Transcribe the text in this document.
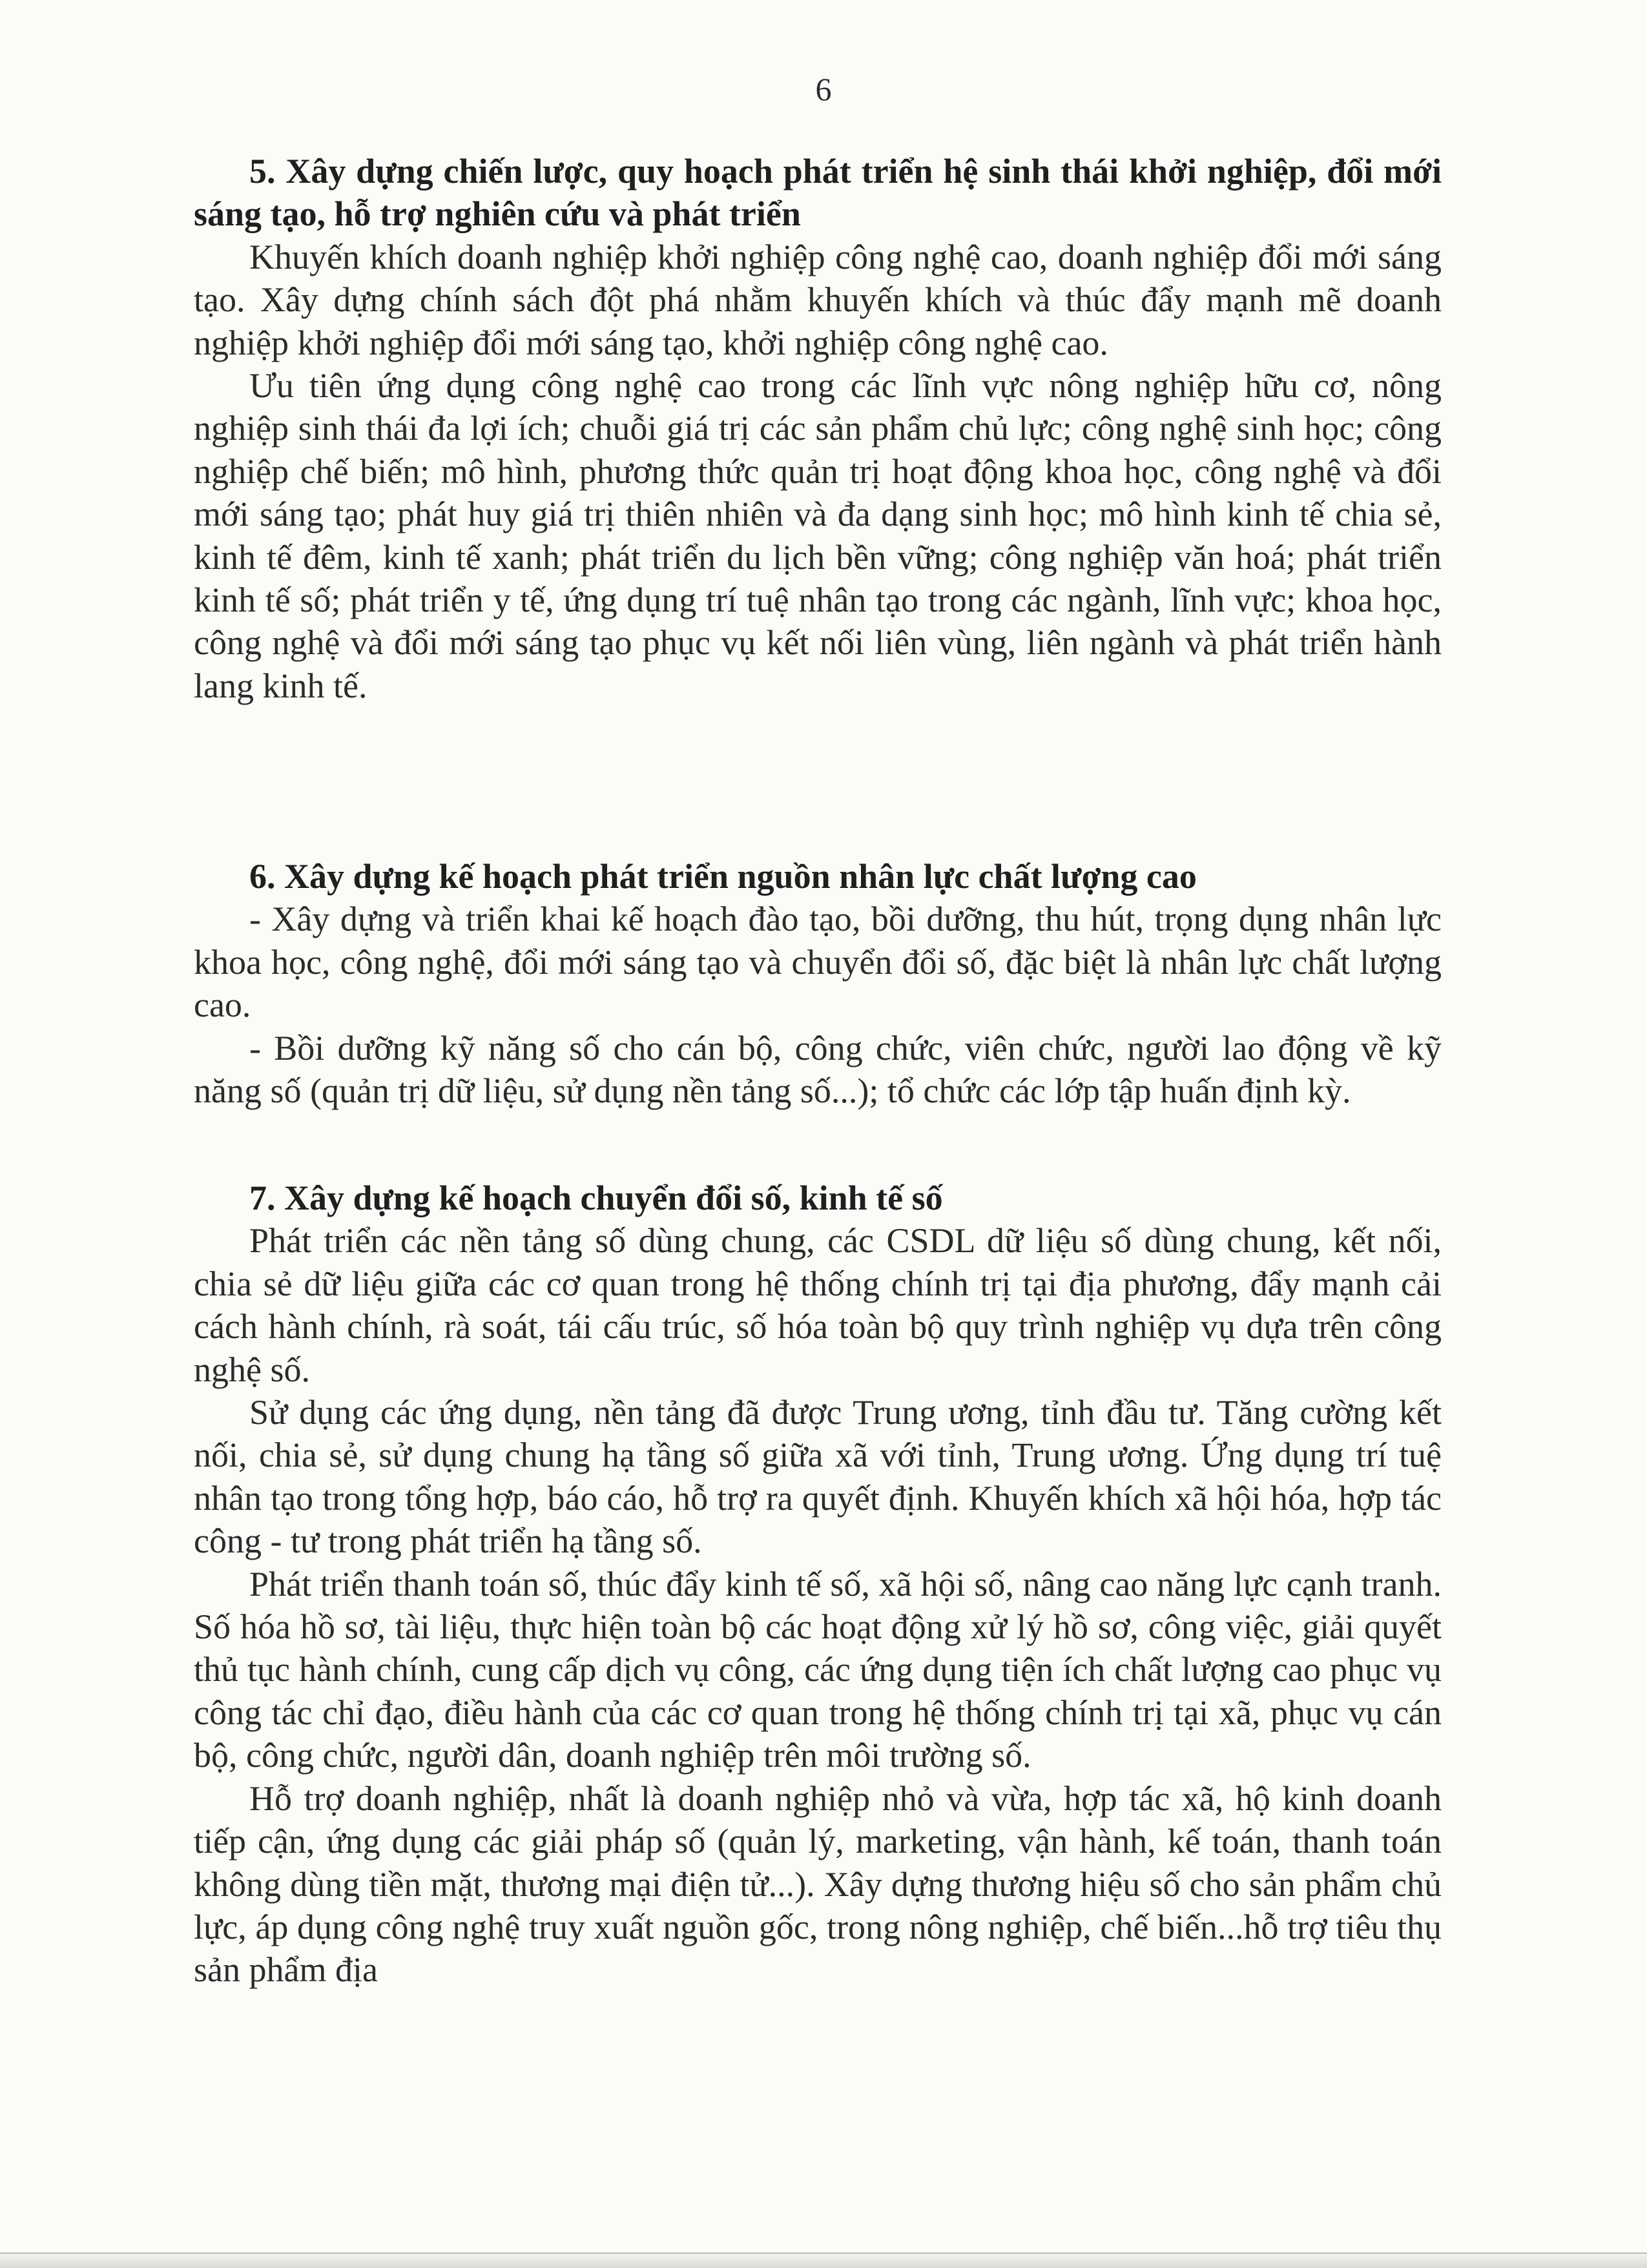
6

5. Xây dựng chiến lược, quy hoạch phát triển hệ sinh thái khởi nghiệp, đổi mới sáng tạo, hỗ trợ nghiên cứu và phát triển

Khuyến khích doanh nghiệp khởi nghiệp công nghệ cao, doanh nghiệp đổi mới sáng tạo. Xây dựng chính sách đột phá nhằm khuyến khích và thúc đẩy mạnh mẽ doanh nghiệp khởi nghiệp đổi mới sáng tạo, khởi nghiệp công nghệ cao.

Ưu tiên ứng dụng công nghệ cao trong các lĩnh vực nông nghiệp hữu cơ, nông nghiệp sinh thái đa lợi ích; chuỗi giá trị các sản phẩm chủ lực; công nghệ sinh học; công nghiệp chế biến; mô hình, phương thức quản trị hoạt động khoa học, công nghệ và đổi mới sáng tạo; phát huy giá trị thiên nhiên và đa dạng sinh học; mô hình kinh tế chia sẻ, kinh tế đêm, kinh tế xanh; phát triển du lịch bền vững; công nghiệp văn hoá; phát triển kinh tế số; phát triển y tế, ứng dụng trí tuệ nhân tạo trong các ngành, lĩnh vực; khoa học, công nghệ và đổi mới sáng tạo phục vụ kết nối liên vùng, liên ngành và phát triển hành lang kinh tế.

6. Xây dựng kế hoạch phát triển nguồn nhân lực chất lượng cao

- Xây dựng và triển khai kế hoạch đào tạo, bồi dưỡng, thu hút, trọng dụng nhân lực khoa học, công nghệ, đổi mới sáng tạo và chuyển đổi số, đặc biệt là nhân lực chất lượng cao.

- Bồi dưỡng kỹ năng số cho cán bộ, công chức, viên chức, người lao động về kỹ năng số (quản trị dữ liệu, sử dụng nền tảng số...); tổ chức các lớp tập huấn định kỳ.

7. Xây dựng kế hoạch chuyển đổi số, kinh tế số

Phát triển các nền tảng số dùng chung, các CSDL dữ liệu số dùng chung, kết nối, chia sẻ dữ liệu giữa các cơ quan trong hệ thống chính trị tại địa phương, đẩy mạnh cải cách hành chính, rà soát, tái cấu trúc, số hóa toàn bộ quy trình nghiệp vụ dựa trên công nghệ số.

Sử dụng các ứng dụng, nền tảng đã được Trung ương, tỉnh đầu tư. Tăng cường kết nối, chia sẻ, sử dụng chung hạ tầng số giữa xã với tỉnh, Trung ương. Ứng dụng trí tuệ nhân tạo trong tổng hợp, báo cáo, hỗ trợ ra quyết định. Khuyến khích xã hội hóa, hợp tác công - tư trong phát triển hạ tầng số.

Phát triển thanh toán số, thúc đẩy kinh tế số, xã hội số, nâng cao năng lực cạnh tranh. Số hóa hồ sơ, tài liệu, thực hiện toàn bộ các hoạt động xử lý hồ sơ, công việc, giải quyết thủ tục hành chính, cung cấp dịch vụ công, các ứng dụng tiện ích chất lượng cao phục vụ công tác chỉ đạo, điều hành của các cơ quan trong hệ thống chính trị tại xã, phục vụ cán bộ, công chức, người dân, doanh nghiệp trên môi trường số.

Hỗ trợ doanh nghiệp, nhất là doanh nghiệp nhỏ và vừa, hợp tác xã, hộ kinh doanh tiếp cận, ứng dụng các giải pháp số (quản lý, marketing, vận hành, kế toán, thanh toán không dùng tiền mặt, thương mại điện tử...). Xây dựng thương hiệu số cho sản phẩm chủ lực, áp dụng công nghệ truy xuất nguồn gốc, trong nông nghiệp, chế biến...hỗ trợ tiêu thụ sản phẩm địa
